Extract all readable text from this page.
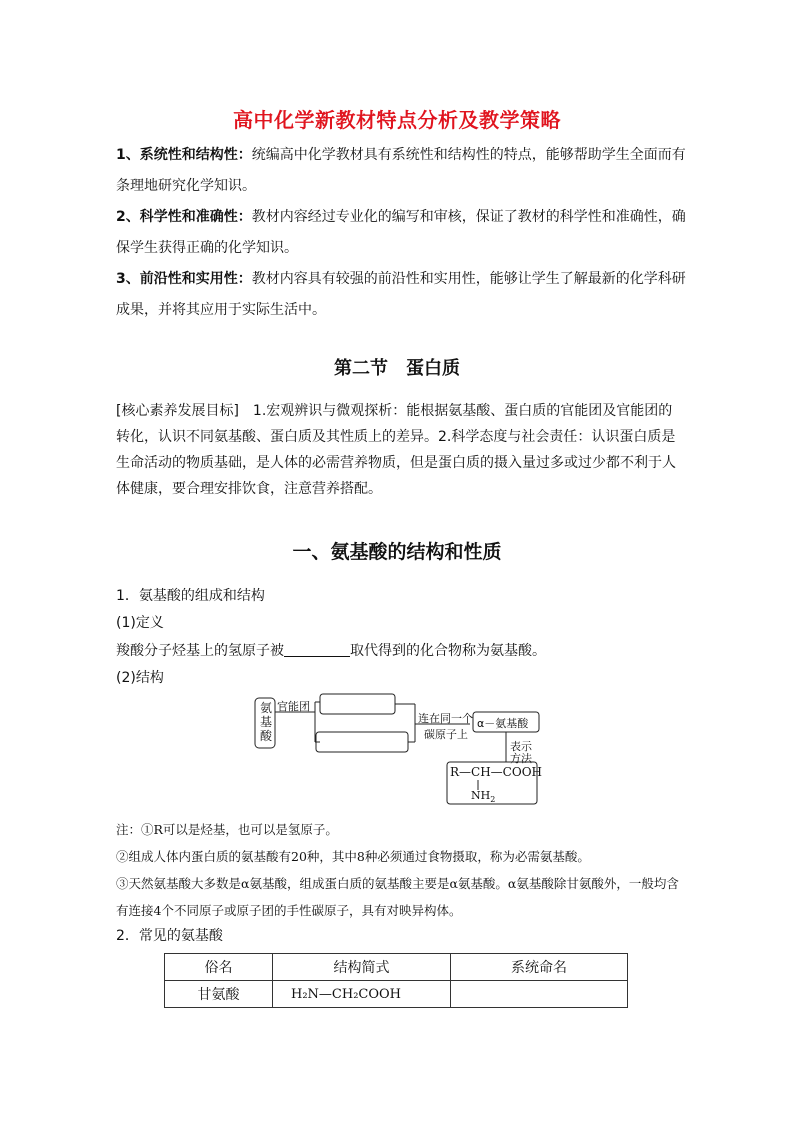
高中化学新教材特点分析及教学策略
1、系统性和结构性：统编高中化学教材具有系统性和结构性的特点，能够帮助学生全面而有条理地研究化学知识。
2、科学性和准确性：教材内容经过专业化的编写和审核，保证了教材的科学性和准确性，确保学生获得正确的化学知识。
3、前沿性和实用性：教材内容具有较强的前沿性和实用性，能够让学生了解最新的化学科研成果，并将其应用于实际生活中。
第二节　蛋白质
[核心素养发展目标]　1.宏观辨识与微观探析：能根据氨基酸、蛋白质的官能团及官能团的转化，认识不同氨基酸、蛋白质及其性质上的差异。2.科学态度与社会责任：认识蛋白质是生命活动的物质基础，是人体的必需营养物质，但是蛋白质的摄入量过多或过少都不利于人体健康，要合理安排饮食，注意营养搭配。
一、氨基酸的结构和性质
1．氨基酸的组成和结构
(1)定义
羧酸分子烃基上的氢原子被	取代得到的化合物称为氨基酸。
(2)结构
氨
基
酸
官能团
连在同一个
碳原子上
α－氨基酸
表示
方法
R—CH—COOH
$NH_2$
注：①R可以是烃基，也可以是氢原子。
②组成人体内蛋白质的氨基酸有20种，其中8种必须通过食物摄取，称为必需氨基酸。
③天然氨基酸大多数是α氨基酸，组成蛋白质的氨基酸主要是α氨基酸。α氨基酸除甘氨酸外，一般均含有连接4个不同原子或原子团的手性碳原子，具有对映异构体。
2．常见的氨基酸
俗名	结构简式	系统命名
甘氨酸	H₂N—CH₂COOH	
